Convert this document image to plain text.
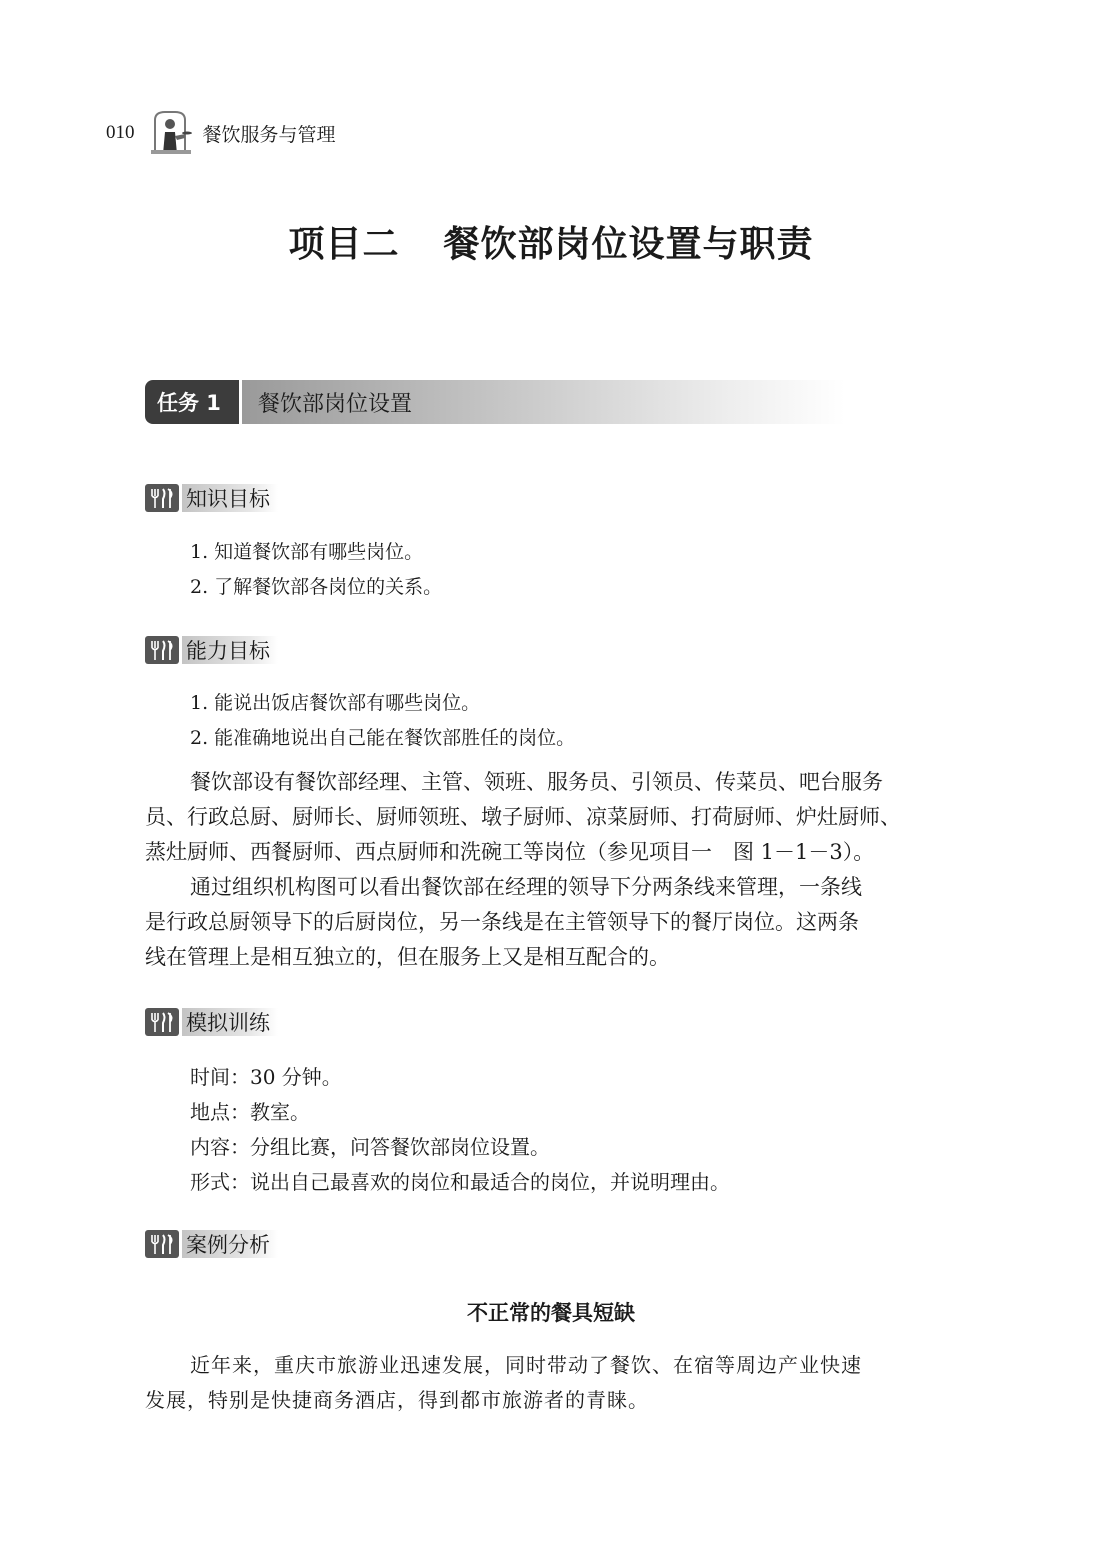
010	餐饮服务与管理
项目二 餐饮部岗位设置与职责
任务 1	餐饮部岗位设置
知识目标
1. 知道餐饮部有哪些岗位。
2. 了解餐饮部各岗位的关系。
能力目标
1. 能说出饭店餐饮部有哪些岗位。
2. 能准确地说出自己能在餐饮部胜任的岗位。
餐饮部设有餐饮部经理、主管、领班、服务员、引领员、传菜员、吧台服务
员、行政总厨、厨师长、厨师领班、墩子厨师、凉菜厨师、打荷厨师、炉灶厨师、
蒸灶厨师、西餐厨师、西点厨师和洗碗工等岗位（参见项目一　图 1－1－3）。
通过组织机构图可以看出餐饮部在经理的领导下分两条线来管理，一条线
是行政总厨领导下的后厨岗位，另一条线是在主管领导下的餐厅岗位。这两条
线在管理上是相互独立的，但在服务上又是相互配合的。
模拟训练
时间：30 分钟。
地点：教室。
内容：分组比赛，问答餐饮部岗位设置。
形式：说出自己最喜欢的岗位和最适合的岗位，并说明理由。
案例分析
不正常的餐具短缺
近年来，重庆市旅游业迅速发展，同时带动了餐饮、在宿等周边产业快速
发展，特别是快捷商务酒店，得到都市旅游者的青睐。
